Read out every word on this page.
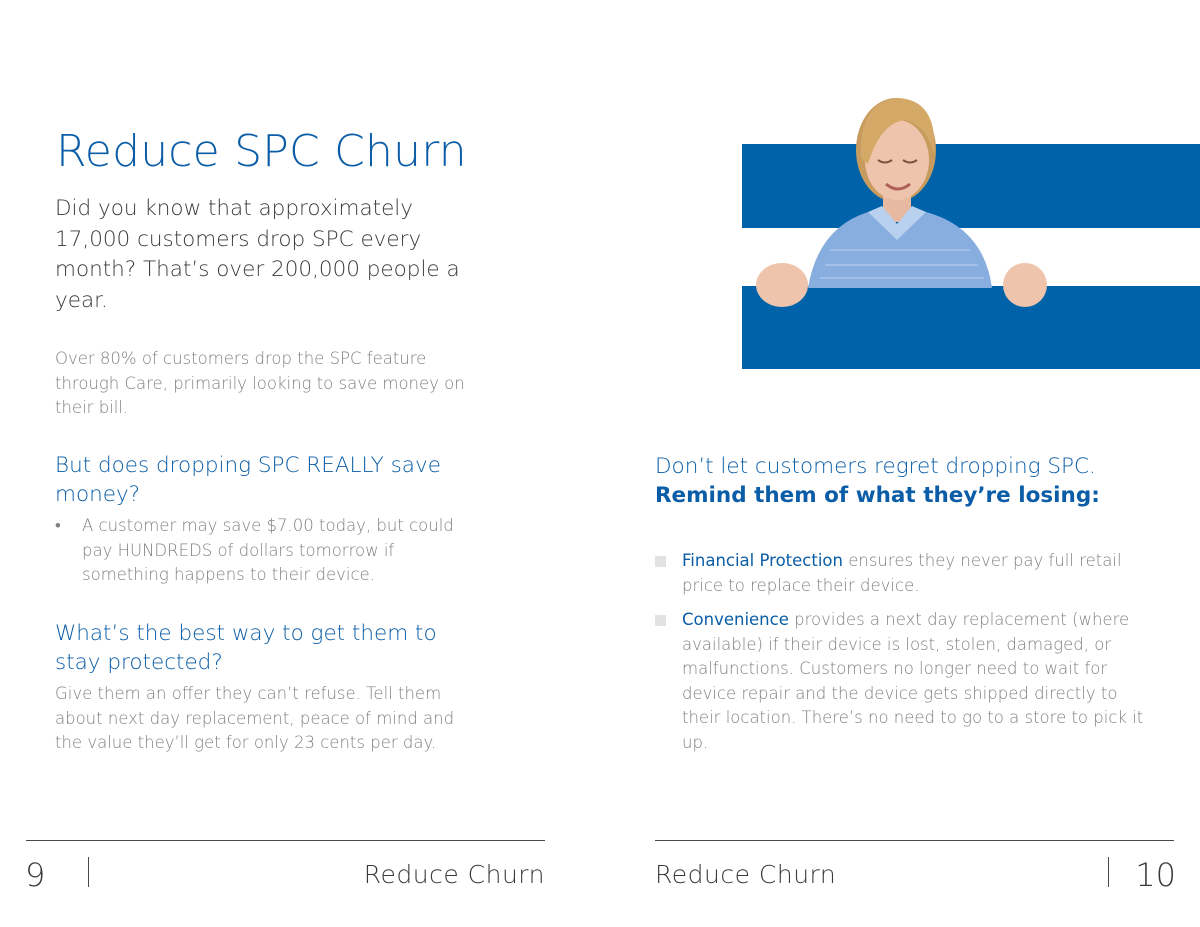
Reduce SPC Churn
Did you know that approximately 17,000 customers drop SPC every month? That’s over 200,000 people a year.
Over 80% of customers drop the SPC feature through Care, primarily looking to save money on their bill.
But does dropping SPC REALLY save money?
• A customer may save $7.00 today, but could pay HUNDREDS of dollars tomorrow if something happens to their device.
What’s the best way to get them to stay protected?
Give them an offer they can’t refuse. Tell them about next day replacement, peace of mind and the value they’ll get for only 23 cents per day.
Don’t let customers regret dropping SPC.
Remind them of what they’re losing:
Financial Protection ensures they never pay full retail price to replace their device.
Convenience provides a next day replacement (where available) if their device is lost, stolen, damaged, or malfunctions. Customers no longer need to wait for device repair and the device gets shipped directly to their location. There’s no need to go to a store to pick it up.
9	Reduce Churn	Reduce Churn	10
